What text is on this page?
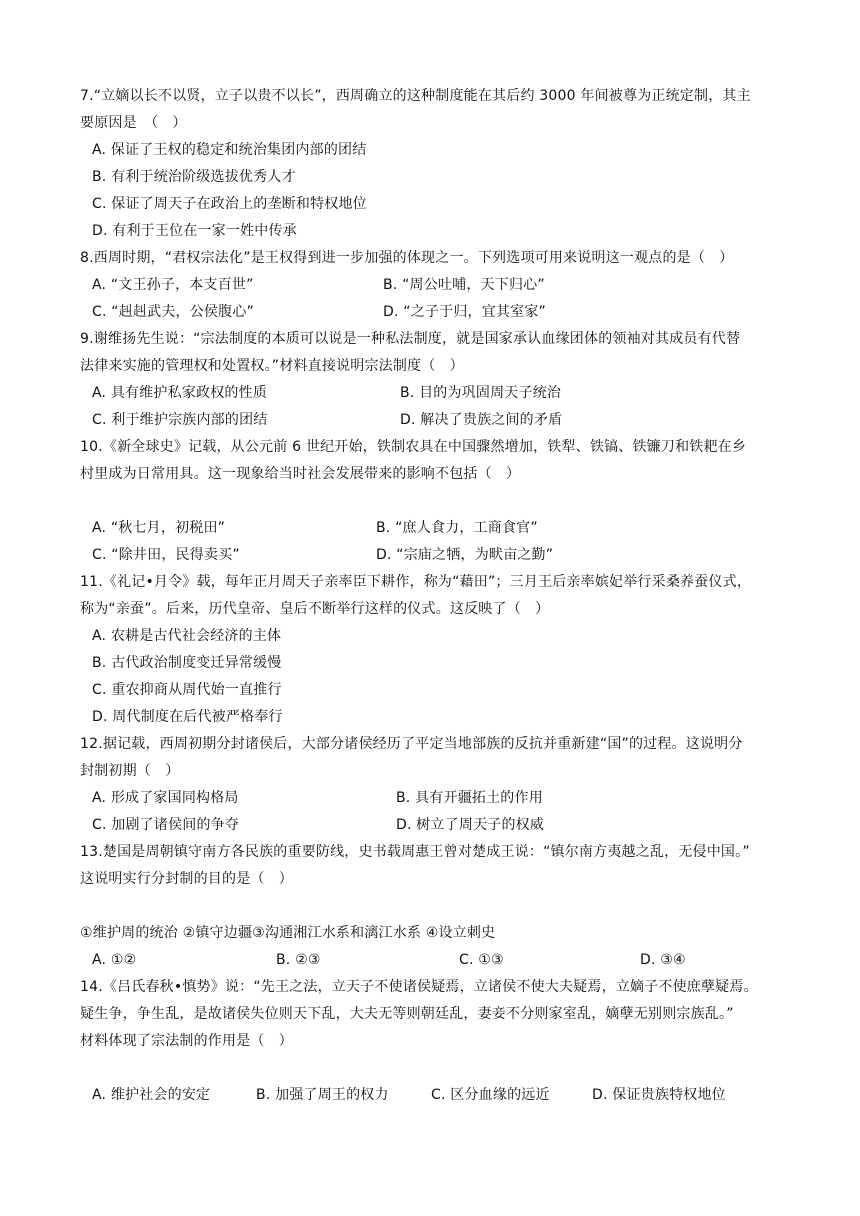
7.“立嫡以长不以贤，立子以贵不以长”，西周确立的这种制度能在其后约 3000 年间被尊为正统定制，其主
要原因是　（　）
A. 保证了王权的稳定和统治集团内部的团结
B. 有利于统治阶级选拔优秀人才
C. 保证了周天子在政治上的垄断和特权地位
D. 有利于王位在一家一姓中传承
8.西周时期，“君权宗法化”是王权得到进一步加强的体现之一。下列选项可用来说明这一观点的是（　）
A. “文王孙子，本支百世”	B. “周公吐哺，天下归心”
C. “赳赳武夫，公侯腹心”	D. “之子于归，宜其室家”
9.谢维扬先生说：“宗法制度的本质可以说是一种私法制度，就是国家承认血缘团体的领袖对其成员有代替
法律来实施的管理权和处置权。”材料直接说明宗法制度（　）
A. 具有维护私家政权的性质	B. 目的为巩固周天子统治
C. 利于维护宗族内部的团结	D. 解决了贵族之间的矛盾
10.《新全球史》记载，从公元前 6 世纪开始，铁制农具在中国骤然增加，铁犁、铁镐、铁镰刀和铁耙在乡
村里成为日常用具。这一现象给当时社会发展带来的影响不包括（　）
A. “秋七月，初税田”	B. “庶人食力，工商食官”
C. “除井田，民得卖买”	D. “宗庙之牺，为畎亩之勤”
11.《礼记•月令》载，每年正月周天子亲率臣下耕作，称为“藉田”；三月王后亲率嫔妃举行采桑养蚕仪式，
称为“亲蚕”。后来，历代皇帝、皇后不断举行这样的仪式。这反映了（　）
A. 农耕是古代社会经济的主体
B. 古代政治制度变迁异常缓慢
C. 重农抑商从周代始一直推行
D. 周代制度在后代被严格奉行
12.据记载，西周初期分封诸侯后，大部分诸侯经历了平定当地部族的反抗并重新建“国”的过程。这说明分
封制初期（　）
A. 形成了家国同构格局	B. 具有开疆拓土的作用
C. 加剧了诸侯间的争夺	D. 树立了周天子的权威
13.楚国是周朝镇守南方各民族的重要防线，史书载周惠王曾对楚成王说：“镇尔南方夷越之乱，无侵中国。”
这说明实行分封制的目的是（　）
①维护周的统治 ②镇守边疆③沟通湘江水系和漓江水系 ④设立刺史
A. ①②	B. ②③	C. ①③	D. ③④
14.《吕氏春秋•慎势》说：“先王之法，立天子不使诸侯疑焉，立诸侯不使大夫疑焉，立嫡子不使庶孽疑焉。
疑生争，争生乱，是故诸侯失位则天下乱，大夫无等则朝廷乱，妻妾不分则家室乱，嫡孽无别则宗族乱。”
材料体现了宗法制的作用是（　）
A. 维护社会的安定	B. 加强了周王的权力	C. 区分血缘的远近	D. 保证贵族特权地位
